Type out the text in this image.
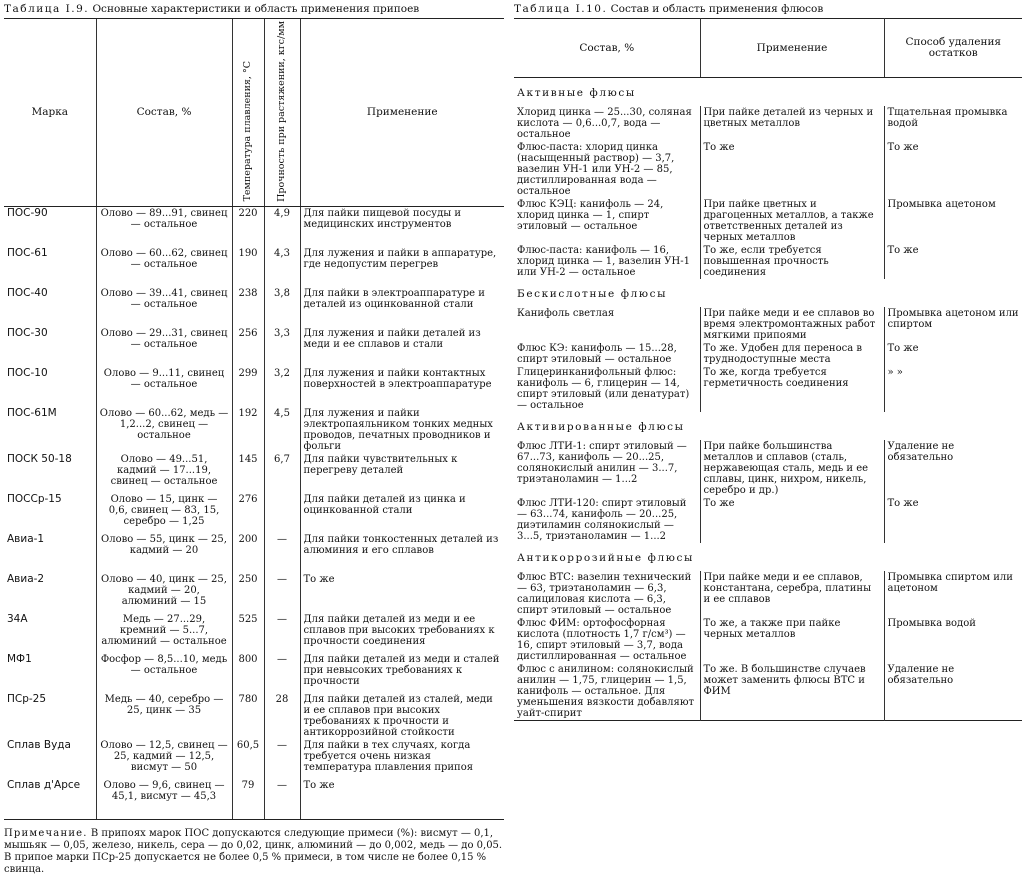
Таблица I.9. Основные характеристики и область применения припоев
Марка	Состав, %	Температура плавления, °С	Прочность при растяжении, кгс/мм	Применение
ПОС-90	Олово — 89...91, свинец — остальное	220	4,9	Для пайки пищевой посуды и медицинских инструментов
ПОС-61	Олово — 60...62, свинец — остальное	190	4,3	Для лужения и пайки в аппаратуре, где недопустим перегрев
ПОС-40	Олово — 39...41, свинец — остальное	238	3,8	Для пайки в электроаппаратуре и деталей из оцинкованной стали
ПОС-30	Олово — 29...31, свинец — остальное	256	3,3	Для лужения и пайки деталей из меди и ее сплавов и стали
ПОС-10	Олово — 9...11, свинец — остальное	299	3,2	Для лужения и пайки контактных поверхностей в электроаппаратуре
ПОС-61М	Олово — 60...62, медь — 1,2...2, свинец — остальное	192	4,5	Для лужения и пайки электропаяльником тонких медных проводов, печатных проводников и фольги
ПОСК 50-18	Олово — 49...51, кадмий — 17...19, свинец — остальное	145	6,7	Для пайки чувствительных к перегреву деталей
ПОССр-15	Олово — 15, цинк — 0,6, свинец — 83, 15, серебро — 1,25	276		Для пайки деталей из цинка и оцинкованной стали
Авиа-1	Олово — 55, цинк — 25, кадмий — 20	200	—	Для пайки тонкостенных деталей из алюминия и его сплавов
Авиа-2	Олово — 40, цинк — 25, кадмий — 20, алюминий — 15	250	—	То же
34А	Медь — 27...29, кремний — 5...7, алюминий — остальное	525	—	Для пайки деталей из меди и ее сплавов при высоких требованиях к прочности соединения
МФ1	Фосфор — 8,5...10, медь — остальное	800	—	Для пайки деталей из меди и сталей при невысоких требованиях к прочности
ПСр-25	Медь — 40, серебро — 25, цинк — 35	780	28	Для пайки деталей из сталей, меди и ее сплавов при высоких требованиях к прочности и антикоррозийной стойкости
Сплав Вуда	Олово — 12,5, свинец — 25, кадмий — 12,5, висмут — 50	60,5	—	Для пайки в тех случаях, когда требуется очень низкая температура плавления припоя
Сплав д'Арсе	Олово — 9,6, свинец — 45,1, висмут — 45,3	79	—	То же
Примечание. В припоях марок ПОС допускаются следующие примеси (%): висмут — 0,1, мышьяк — 0,05, железо, никель, сера — до 0,02, цинк, алюминий — до 0,002, медь — до 0,05. В припое марки ПСр-25 допускается не более 0,5 % примеси, в том числе не более 0,15 % свинца.
Таблица I.10. Состав и область применения флюсов
Состав, %	Применение	Способ удаления остатков
Активные флюсы		
Хлорид цинка — 25...30, соляная кислота — 0,6...0,7, вода — остальное	При пайке деталей из черных и цветных металлов	Тщательная промывка водой
Флюс-паста: хлорид цинка (насыщенный раствор) — 3,7, вазелин УН-1 или УН-2 — 85, дистиллированная вода — остальное	То же	То же
Флюс КЭЦ: канифоль — 24, хлорид цинка — 1, спирт этиловый — остальное	При пайке цветных и драгоценных металлов, а также ответственных деталей из черных металлов	Промывка ацетоном
Флюс-паста: канифоль — 16, хлорид цинка — 1, вазелин УН-1 или УН-2 — остальное	То же, если требуется повышенная прочность соединения	То же
Бескислотные флюсы		
Канифоль светлая	При пайке меди и ее сплавов во время электромонтажных работ мягкими припоями	Промывка ацетоном или спиртом
Флюс КЭ: канифоль — 15...28, спирт этиловый — остальное	То же. Удобен для переноса в труднодоступные места	То же
Глицеринканифольный флюс: канифоль — 6, глицерин — 14, спирт этиловый (или денатурат) — остальное	То же, когда требуется герметичность соединения	» »
Активированные флюсы		
Флюс ЛТИ-1: спирт этиловый — 67...73, канифоль — 20...25, солянокислый анилин — 3...7, триэтаноламин — 1...2	При пайке большинства металлов и сплавов (сталь, нержавеющая сталь, медь и ее сплавы, цинк, нихром, никель, серебро и др.)	Удаление не обязательно
Флюс ЛТИ-120: спирт этиловый — 63...74, канифоль — 20...25, диэтиламин солянокислый — 3...5, триэтаноламин — 1...2	То же	То же
Антикоррозийные флюсы		
Флюс ВТС: вазелин технический — 63, триэтаноламин — 6,3, салициловая кислота — 6,3, спирт этиловый — остальное	При пайке меди и ее сплавов, константана, серебра, платины и ее сплавов	Промывка спиртом или ацетоном
Флюс ФИМ: ортофосфорная кислота (плотность 1,7 г/см³) — 16, спирт этиловый — 3,7, вода дистиллированная — остальное	То же, а также при пайке черных металлов	Промывка водой
Флюс с анилином: солянокислый анилин — 1,75, глицерин — 1,5, канифоль — остальное. Для уменьшения вязкости добавляют уайт-спирит	То же. В большинстве случаев может заменить флюсы ВТС и ФИМ	Удаление не обязательно
